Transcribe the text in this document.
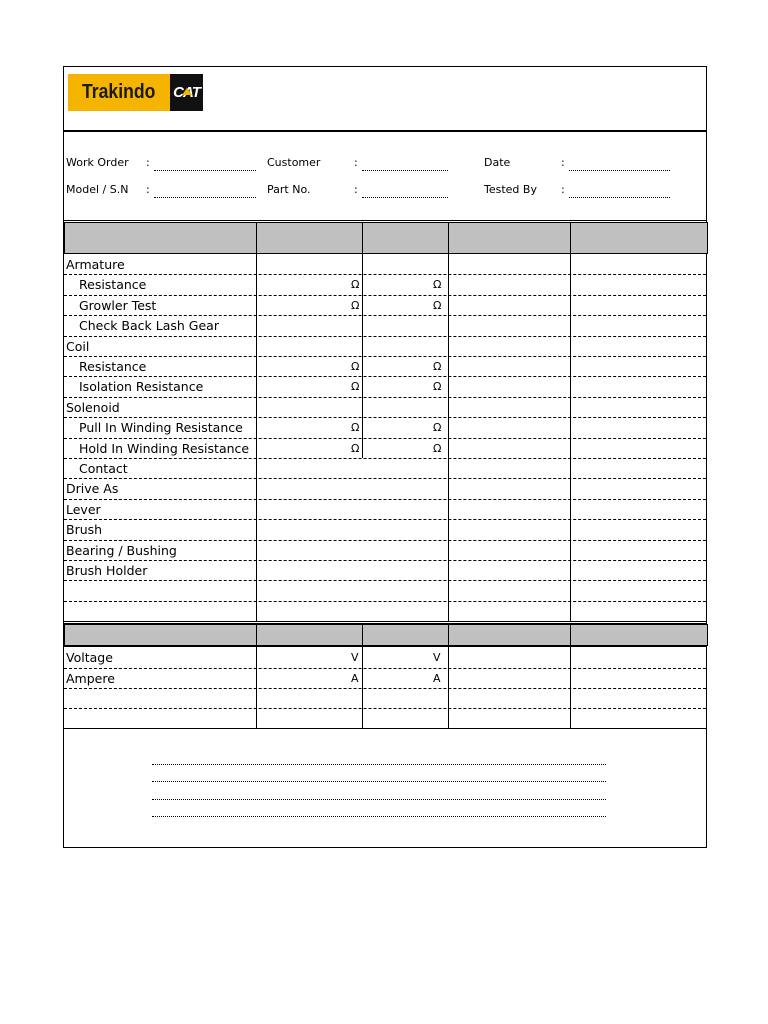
Trakindo CAT
Work Order :	Customer	:	Date	:
Model / S.N :	Part No.	:	Tested By :
Armature
Resistance	Ω	Ω
Growler Test	Ω	Ω
Check Back Lash Gear
Coil
Resistance	Ω	Ω
Isolation Resistance	Ω	Ω
Solenoid
Pull In Winding Resistance	Ω	Ω
Hold In Winding Resistance	Ω	Ω
Contact
Drive As
Lever
Brush
Bearing / Bushing
Brush Holder
Voltage	V	V
Ampere	A	A
